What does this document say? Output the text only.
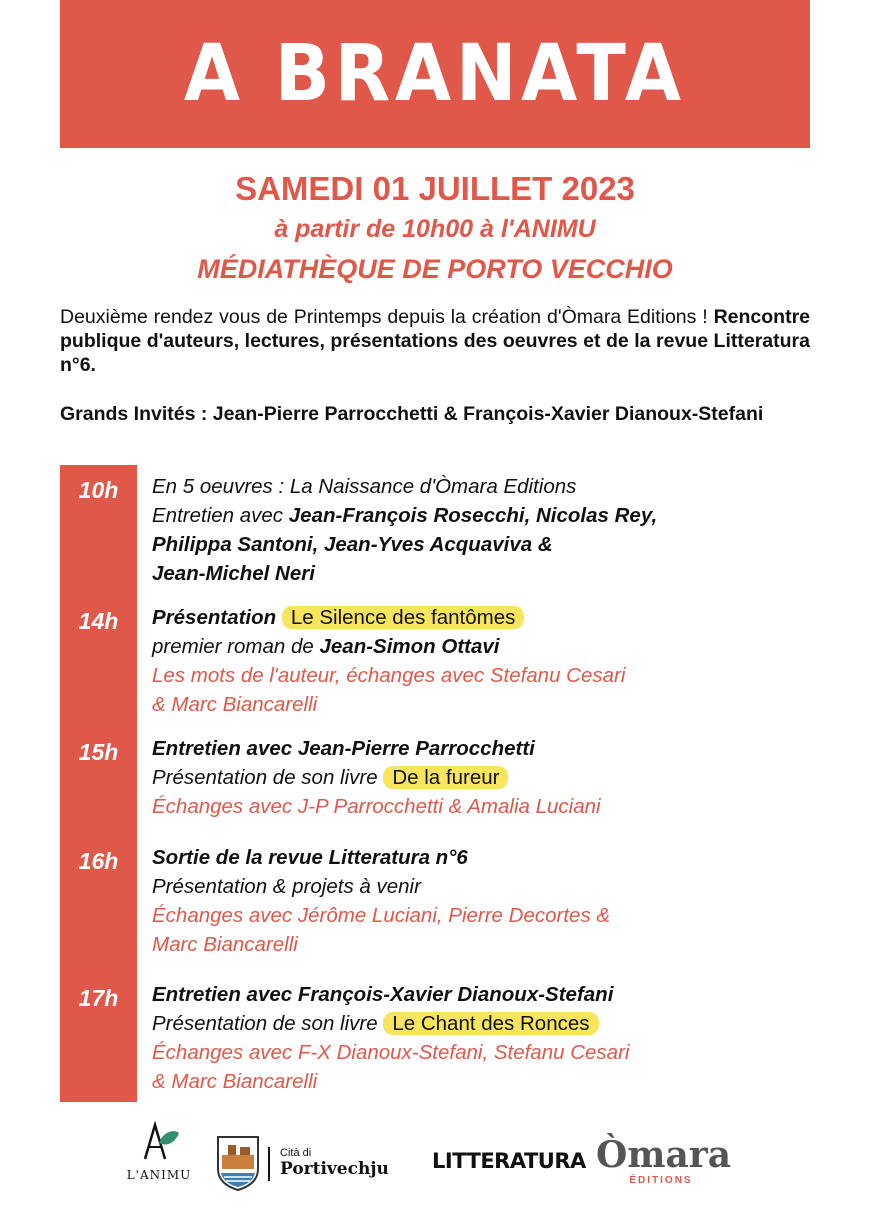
A BRANATA

SAMEDI 01 JUILLET 2023

à partir de 10h00 à l'ANIMU

MÉDIATHÈQUE DE PORTO VECCHIO

Deuxième rendez vous de Printemps depuis la création d'Òmara Editions ! Rencontre publique d'auteurs, lectures, présentations des oeuvres et de la revue Litteratura n°6.

Grands Invités : Jean-Pierre Parrocchetti & François-Xavier Dianoux-Stefani

10h	En 5 oeuvres : La Naissance d'Òmara Editions

Entretien avec Jean-François Rosecchi, Nicolas Rey,

Philippa Santoni, Jean-Yves Acquaviva &

Jean-Michel Neri

14h	Présentation Le Silence des fantômes

premier roman de Jean-Simon Ottavi

Les mots de l'auteur, échanges avec Stefanu Cesari

& Marc Biancarelli

15h	Entretien avec Jean-Pierre Parrocchetti

Présentation de son livre De la fureur

Échanges avec J-P Parrocchetti & Amalia Luciani

16h	Sortie de la revue Litteratura n°6

Présentation & projets à venir

Échanges avec Jérôme Luciani, Pierre Decortes &

Marc Biancarelli

17h	Entretien avec François-Xavier Dianoux-Stefani

Présentation de son livre Le Chant des Ronces

Échanges avec F-X Dianoux-Stefani, Stefanu Cesari

& Marc Biancarelli

L'ANIMU
Cità di
Portivechju LITTERATURA Òmara
ÉDITIONS
